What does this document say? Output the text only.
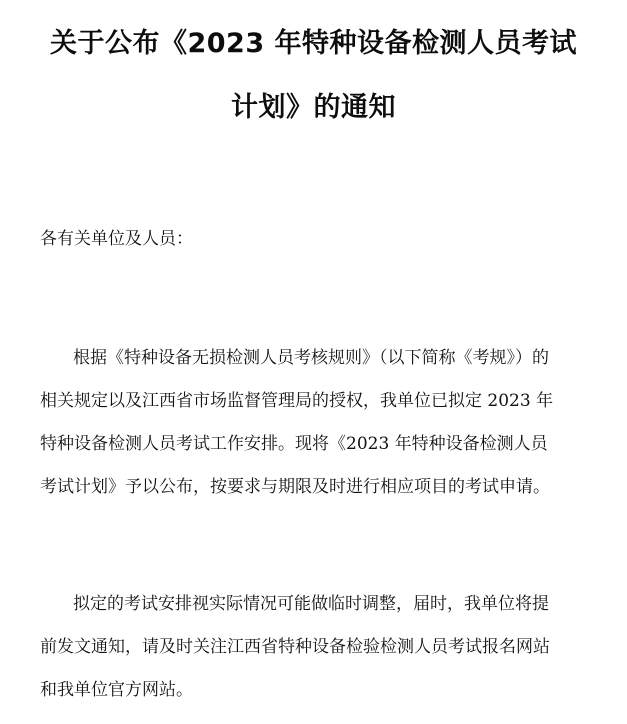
关于公布《2023 年特种设备检测人员考试
计划》的通知
各有关单位及人员：
根据《特种设备无损检测人员考核规则》（以下简称《考规》）的
相关规定以及江西省市场监督管理局的授权，我单位已拟定 2023 年
特种设备检测人员考试工作安排。现将《2023 年特种设备检测人员
考试计划》予以公布，按要求与期限及时进行相应项目的考试申请。
拟定的考试安排视实际情况可能做临时调整，届时，我单位将提
前发文通知，请及时关注江西省特种设备检验检测人员考试报名网站
和我单位官方网站。
